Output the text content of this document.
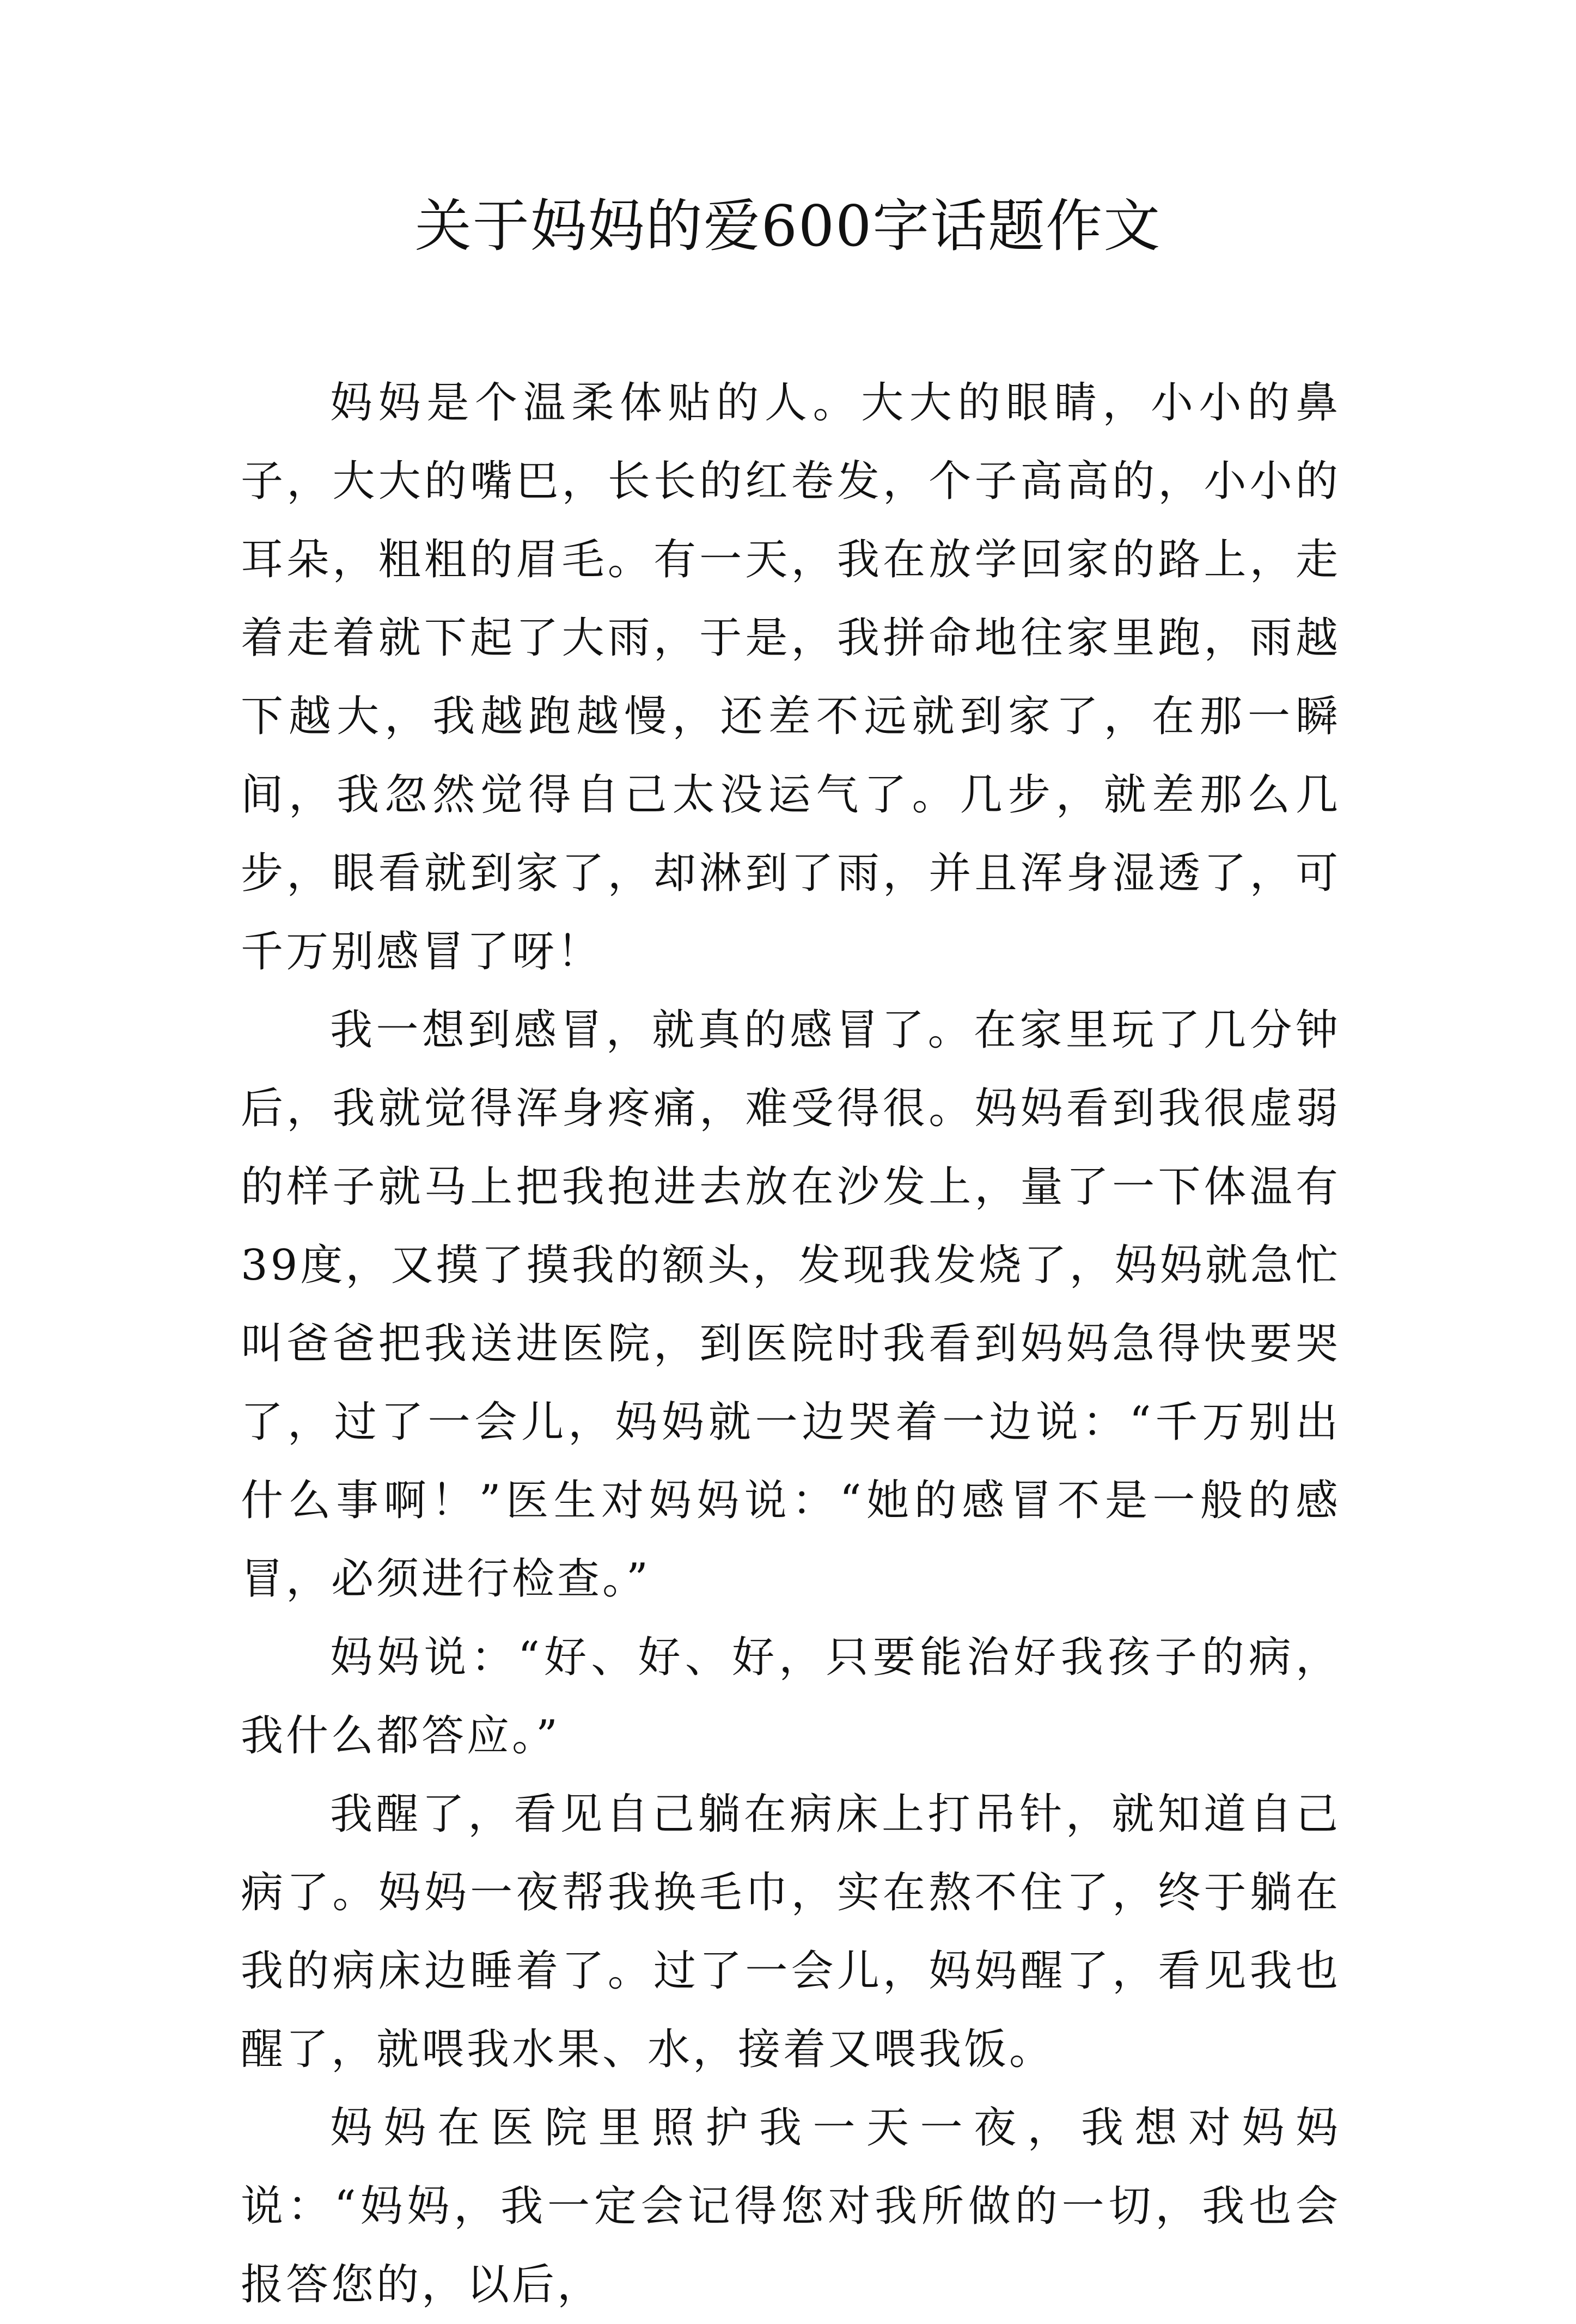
关于妈妈的爱600字话题作文

妈妈是个温柔体贴的人。大大的眼睛，小小的鼻子，大大的嘴巴，长长的红卷发，个子高高的，小小的耳朵，粗粗的眉毛。有一天，我在放学回家的路上，走着走着就下起了大雨，于是，我拼命地往家里跑，雨越下越大，我越跑越慢，还差不远就到家了，在那一瞬间，我忽然觉得自己太没运气了。几步，就差那么几步，眼看就到家了，却淋到了雨，并且浑身湿透了，可千万别感冒了呀！

我一想到感冒，就真的感冒了。在家里玩了几分钟后，我就觉得浑身疼痛，难受得很。妈妈看到我很虚弱的样子就马上把我抱进去放在沙发上，量了一下体温有39度，又摸了摸我的额头，发现我发烧了，妈妈就急忙叫爸爸把我送进医院，到医院时我看到妈妈急得快要哭了，过了一会儿，妈妈就一边哭着一边说：“千万别出什么事啊！”医生对妈妈说：“她的感冒不是一般的感冒，必须进行检查。”

妈妈说：“好、好、好，只要能治好我孩子的病，我什么都答应。”

我醒了，看见自己躺在病床上打吊针，就知道自己病了。妈妈一夜帮我换毛巾，实在熬不住了，终于躺在我的病床边睡着了。过了一会儿，妈妈醒了，看见我也醒了，就喂我水果、水，接着又喂我饭。

妈妈在医院里照护我一天一夜，我想对妈妈说：“妈妈，我一定会记得您对我所做的一切，我也会报答您的，以后，
